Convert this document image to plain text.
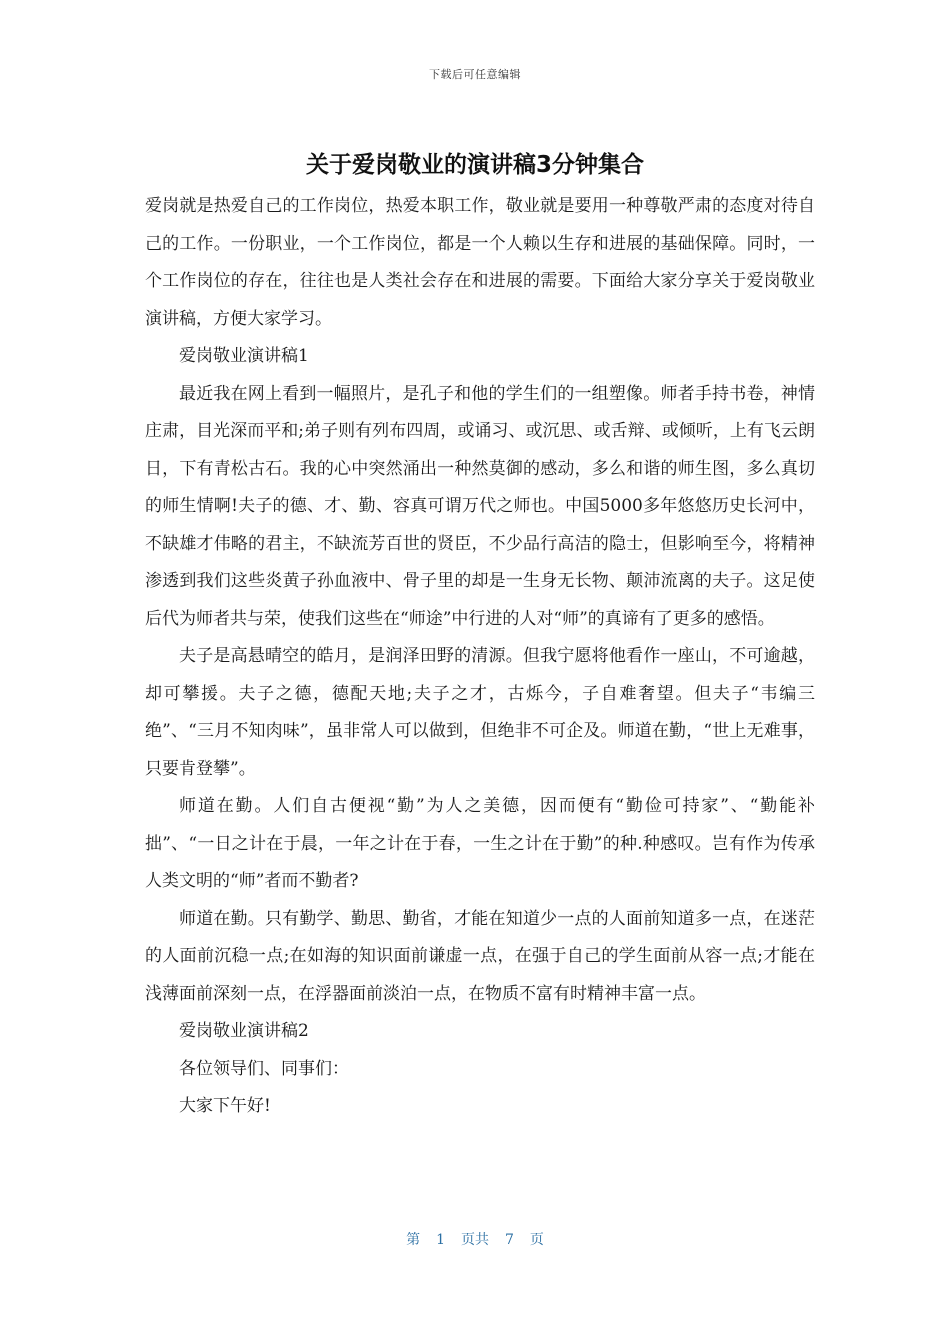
下载后可任意编辑
关于爱岗敬业的演讲稿3分钟集合

爱岗就是热爱自己的工作岗位，热爱本职工作，敬业就是要用一种尊敬严肃的态度对待自己的工作。一份职业，一个工作岗位，都是一个人赖以生存和进展的基础保障。同时，一个工作岗位的存在，往往也是人类社会存在和进展的需要。下面给大家分享关于爱岗敬业演讲稿，方便大家学习。

爱岗敬业演讲稿1

最近我在网上看到一幅照片，是孔子和他的学生们的一组塑像。师者手持书卷，神情庄肃，目光深而平和;弟子则有列布四周，或诵习、或沉思、或舌辩、或倾听，上有飞云朗日，下有青松古石。我的心中突然涌出一种然莫御的感动，多么和谐的师生图，多么真切的师生情啊!夫子的德、才、勤、容真可谓万代之师也。中国5000多年悠悠历史长河中，不缺雄才伟略的君主，不缺流芳百世的贤臣，不少品行高洁的隐士，但影响至今，将精神渗透到我们这些炎黄子孙血液中、骨子里的却是一生身无长物、颠沛流离的夫子。这足使后代为师者共与荣，使我们这些在“师途”中行进的人对“师”的真谛有了更多的感悟。

夫子是高悬晴空的皓月，是润泽田野的清源。但我宁愿将他看作一座山，不可逾越，却可攀援。夫子之德，德配天地;夫子之才，古烁今，子自难奢望。但夫子“韦编三绝”、“三月不知肉味”，虽非常人可以做到，但绝非不可企及。师道在勤，“世上无难事，只要肯登攀”。

师道在勤。人们自古便视“勤”为人之美德，因而便有“勤俭可持家”、“勤能补拙”、“一日之计在于晨，一年之计在于春，一生之计在于勤”的种.种感叹。岂有作为传承人类文明的“师”者而不勤者?

师道在勤。只有勤学、勤思、勤省，才能在知道少一点的人面前知道多一点，在迷茫的人面前沉稳一点;在如海的知识面前谦虚一点，在强于自己的学生面前从容一点;才能在浅薄面前深刻一点，在浮器面前淡泊一点，在物质不富有时精神丰富一点。

爱岗敬业演讲稿2

各位领导们、同事们：

大家下午好!

第 1 页共 7 页
